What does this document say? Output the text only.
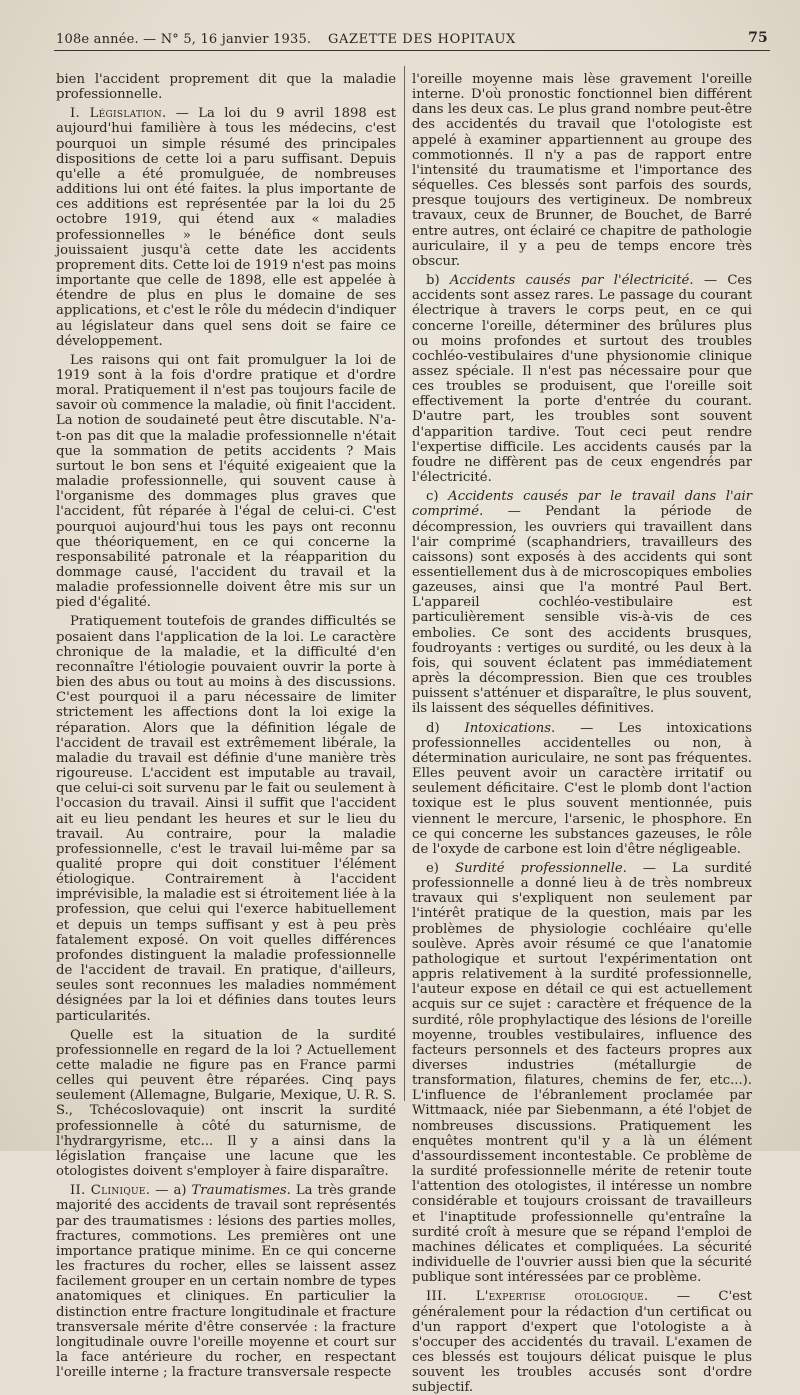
108e année. — N° 5, 16 janvier 1935. GAZETTE DES HOPITAUX	75

bien l'accident proprement dit que la maladie professionnelle.

I. Législation. — La loi du 9 avril 1898 est aujourd'hui familière à tous les médecins, c'est pourquoi un simple résumé des principales dispositions de cette loi a paru suffisant. Depuis qu'elle a été promulguée, de nombreuses additions lui ont été faites. la plus importante de ces additions est représentée par la loi du 25 octobre 1919, qui étend aux « maladies professionnelles » le bénéfice dont seuls jouissaient jusqu'à cette date les accidents proprement dits. Cette loi de 1919 n'est pas moins importante que celle de 1898, elle est appelée à étendre de plus en plus le domaine de ses applications, et c'est le rôle du médecin d'indiquer au législateur dans quel sens doit se faire ce développement.

Les raisons qui ont fait promulguer la loi de 1919 sont à la fois d'ordre pratique et d'ordre moral. Pratiquement il n'est pas toujours facile de savoir où commence la maladie, où finit l'accident. La notion de soudaineté peut être discutable. N'a-t-on pas dit que la maladie professionnelle n'était que la sommation de petits accidents ? Mais surtout le bon sens et l'équité exigeaient que la maladie professionnelle, qui souvent cause à l'organisme des dommages plus graves que l'accident, fût réparée à l'égal de celui-ci. C'est pourquoi aujourd'hui tous les pays ont reconnu que théoriquement, en ce qui concerne la responsabilité patronale et la réapparition du dommage causé, l'accident du travail et la maladie professionnelle doivent être mis sur un pied d'égalité.

Pratiquement toutefois de grandes difficultés se posaient dans l'application de la loi. Le caractère chronique de la maladie, et la difficulté d'en reconnaître l'étiologie pouvaient ouvrir la porte à bien des abus ou tout au moins à des discussions. C'est pourquoi il a paru nécessaire de limiter strictement les affections dont la loi exige la réparation. Alors que la définition légale de l'accident de travail est extrêmement libérale, la maladie du travail est définie d'une manière très rigoureuse. L'accident est imputable au travail, que celui-ci soit survenu par le fait ou seulement à l'occasion du travail. Ainsi il suffit que l'accident ait eu lieu pendant les heures et sur le lieu du travail. Au contraire, pour la maladie professionnelle, c'est le travail lui-même par sa qualité propre qui doit constituer l'élément étiologique. Contrairement à l'accident imprévisible, la maladie est si étroitement liée à la profession, que celui qui l'exerce habituellement et depuis un temps suffisant y est à peu près fatalement exposé. On voit quelles différences profondes distinguent la maladie professionnelle de l'accident de travail. En pratique, d'ailleurs, seules sont reconnues les maladies nommément désignées par la loi et définies dans toutes leurs particularités.

Quelle est la situation de la surdité professionnelle en regard de la loi ? Actuellement cette maladie ne figure pas en France parmi celles qui peuvent être réparées. Cinq pays seulement (Allemagne, Bulgarie, Mexique, U. R. S. S., Tchécoslovaquie) ont inscrit la surdité professionnelle à côté du saturnisme, de l'hydrargyrisme, etc... Il y a ainsi dans la législation française une lacune que les otologistes doivent s'employer à faire disparaître.

II. Clinique. — a) Traumatismes. La très grande majorité des accidents de travail sont représentés par des traumatismes : lésions des parties molles, fractures, commotions. Les premières ont une importance pratique minime. En ce qui concerne les fractures du rocher, elles se laissent assez facilement grouper en un certain nombre de types anatomiques et cliniques. En particulier la distinction entre fracture longitudinale et fracture transversale mérite d'être conservée : la fracture longitudinale ouvre l'oreille moyenne et court sur la face antérieure du rocher, en respectant l'oreille interne ; la fracture transversale respecte

l'oreille moyenne mais lèse gravement l'oreille interne. D'où pronostic fonctionnel bien différent dans les deux cas. Le plus grand nombre peut-être des accidentés du travail que l'otologiste est appelé à examiner appartiennent au groupe des commotionnés. Il n'y a pas de rapport entre l'intensité du traumatisme et l'importance des séquelles. Ces blessés sont parfois des sourds, presque toujours des vertigineux. De nombreux travaux, ceux de Brunner, de Bouchet, de Barré entre autres, ont éclairé ce chapitre de pathologie auriculaire, il y a peu de temps encore très obscur.

b) Accidents causés par l'électricité. — Ces accidents sont assez rares. Le passage du courant électrique à travers le corps peut, en ce qui concerne l'oreille, déterminer des brûlures plus ou moins profondes et surtout des troubles cochléo-vestibulaires d'une physionomie clinique assez spéciale. Il n'est pas nécessaire pour que ces troubles se produisent, que l'oreille soit effectivement la porte d'entrée du courant. D'autre part, les troubles sont souvent d'apparition tardive. Tout ceci peut rendre l'expertise difficile. Les accidents causés par la foudre ne diffèrent pas de ceux engendrés par l'électricité.

c) Accidents causés par le travail dans l'air comprimé. — Pendant la période de décompression, les ouvriers qui travaillent dans l'air comprimé (scaphandriers, travailleurs des caissons) sont exposés à des accidents qui sont essentiellement dus à de microscopiques embolies gazeuses, ainsi que l'a montré Paul Bert. L'appareil cochléo-vestibulaire est particulièrement sensible vis-à-vis de ces embolies. Ce sont des accidents brusques, foudroyants : vertiges ou surdité, ou les deux à la fois, qui souvent éclatent pas immédiatement après la décompression. Bien que ces troubles puissent s'atténuer et disparaître, le plus souvent, ils laissent des séquelles définitives.

d) Intoxications. — Les intoxications professionnelles accidentelles ou non, à détermination auriculaire, ne sont pas fréquentes. Elles peuvent avoir un caractère irritatif ou seulement déficitaire. C'est le plomb dont l'action toxique est le plus souvent mentionnée, puis viennent le mercure, l'arsenic, le phosphore. En ce qui concerne les substances gazeuses, le rôle de l'oxyde de carbone est loin d'être négligeable.

e) Surdité professionnelle. — La surdité professionnelle a donné lieu à de très nombreux travaux qui s'expliquent non seulement par l'intérêt pratique de la question, mais par les problèmes de physiologie cochléaire qu'elle soulève. Après avoir résumé ce que l'anatomie pathologique et surtout l'expérimentation ont appris relativement à la surdité professionnelle, l'auteur expose en détail ce qui est actuellement acquis sur ce sujet : caractère et fréquence de la surdité, rôle prophylactique des lésions de l'oreille moyenne, troubles vestibulaires, influence des facteurs personnels et des facteurs propres aux diverses industries (métallurgie de transformation, filatures, chemins de fer, etc...). L'influence de l'ébranlement proclamée par Wittmaack, niée par Siebenmann, a été l'objet de nombreuses discussions. Pratiquement les enquêtes montrent qu'il y a là un élément d'assourdissement incontestable. Ce problème de la surdité professionnelle mérite de retenir toute l'attention des otologistes, il intéresse un nombre considérable et toujours croissant de travailleurs et l'inaptitude professionnelle qu'entraîne la surdité croît à mesure que se répand l'emploi de machines délicates et compliquées. La sécurité individuelle de l'ouvrier aussi bien que la sécurité publique sont intéressées par ce problème.

III. L'expertise otologique. — C'est généralement pour la rédaction d'un certificat ou d'un rapport d'expert que l'otologiste a à s'occuper des accidentés du travail. L'examen de ces blessés est toujours délicat puisque le plus souvent les troubles accusés sont d'ordre subjectif.
